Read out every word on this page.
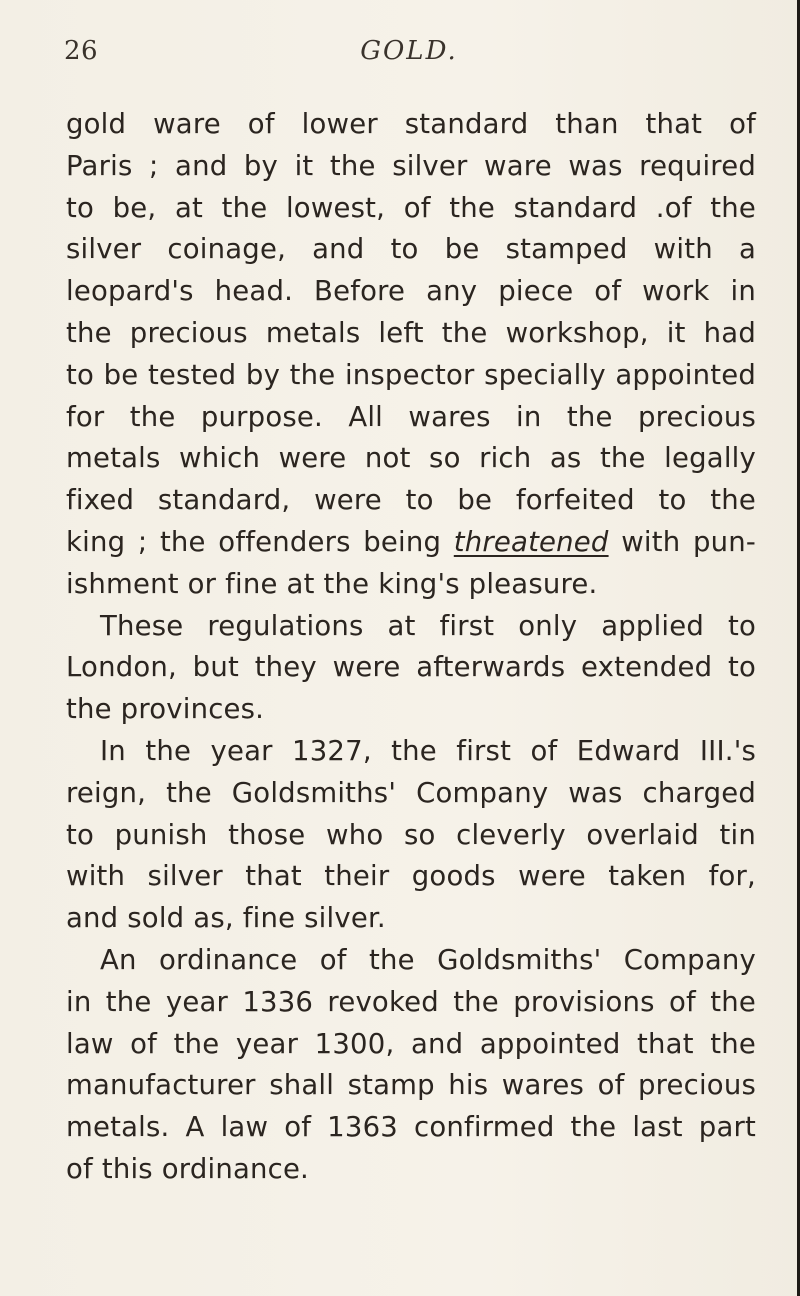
26	GOLD.
gold ware of lower standard than that of
Paris ; and by it the silver ware was required
to be, at the lowest, of the standard .of the
silver coinage, and to be stamped with a
leopard's head. Before any piece of work in
the precious metals left the workshop, it had
to be tested by the inspector specially appointed
for the purpose. All wares in the precious
metals which were not so rich as the legally
fixed standard, were to be forfeited to the
king ; the offenders being threatened with pun-
ishment or fine at the king's pleasure.
These regulations at first only applied to
London, but they were afterwards extended to
the provinces.
In the year 1327, the first of Edward III.'s
reign, the Goldsmiths' Company was charged
to punish those who so cleverly overlaid tin
with silver that their goods were taken for,
and sold as, fine silver.
An ordinance of the Goldsmiths' Company
in the year 1336 revoked the provisions of the
law of the year 1300, and appointed that the
manufacturer shall stamp his wares of precious
metals. A law of 1363 confirmed the last part
of this ordinance.
